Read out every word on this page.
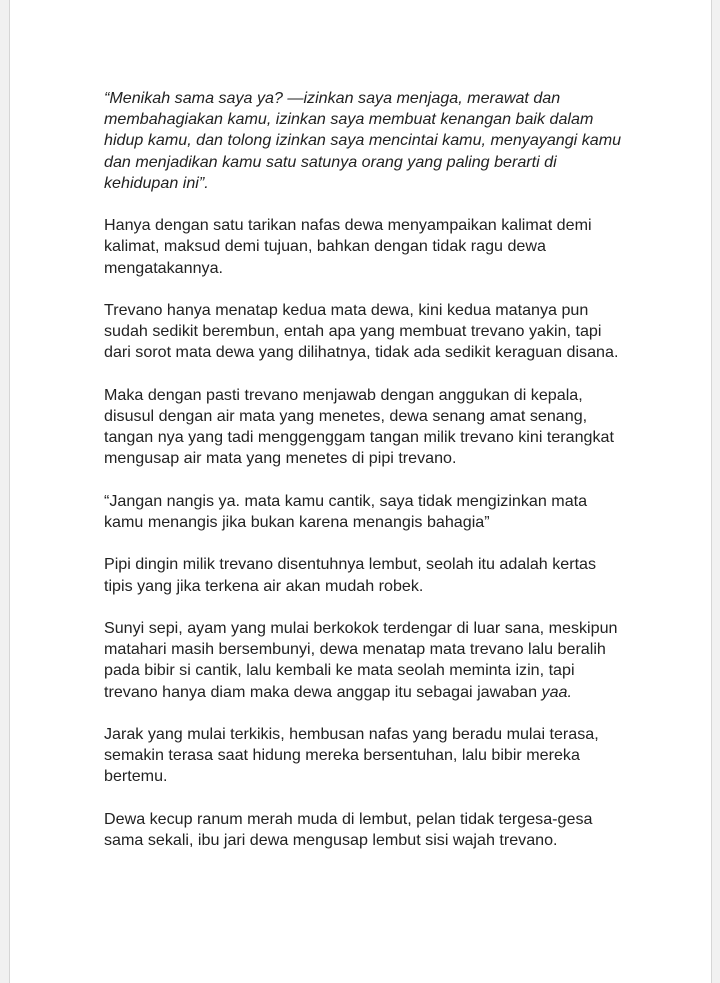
“Menikah sama saya ya? —izinkan saya menjaga, merawat dan
membahagiakan kamu, izinkan saya membuat kenangan baik dalam
hidup kamu, dan tolong izinkan saya mencintai kamu, menyayangi kamu
dan menjadikan kamu satu satunya orang yang paling berarti di
kehidupan ini”.

Hanya dengan satu tarikan nafas dewa menyampaikan kalimat demi
kalimat, maksud demi tujuan, bahkan dengan tidak ragu dewa
mengatakannya.

Trevano hanya menatap kedua mata dewa, kini kedua matanya pun
sudah sedikit berembun, entah apa yang membuat trevano yakin, tapi
dari sorot mata dewa yang dilihatnya, tidak ada sedikit keraguan disana.

Maka dengan pasti trevano menjawab dengan anggukan di kepala,
disusul dengan air mata yang menetes, dewa senang amat senang,
tangan nya yang tadi menggenggam tangan milik trevano kini terangkat
mengusap air mata yang menetes di pipi trevano.

“Jangan nangis ya. mata kamu cantik, saya tidak mengizinkan mata
kamu menangis jika bukan karena menangis bahagia”

Pipi dingin milik trevano disentuhnya lembut, seolah itu adalah kertas
tipis yang jika terkena air akan mudah robek.

Sunyi sepi, ayam yang mulai berkokok terdengar di luar sana, meskipun
matahari masih bersembunyi, dewa menatap mata trevano lalu beralih
pada bibir si cantik, lalu kembali ke mata seolah meminta izin, tapi
trevano hanya diam maka dewa anggap itu sebagai jawaban yaa.

Jarak yang mulai terkikis, hembusan nafas yang beradu mulai terasa,
semakin terasa saat hidung mereka bersentuhan, lalu bibir mereka
bertemu.

Dewa kecup ranum merah muda di lembut, pelan tidak tergesa-gesa
sama sekali, ibu jari dewa mengusap lembut sisi wajah trevano.
